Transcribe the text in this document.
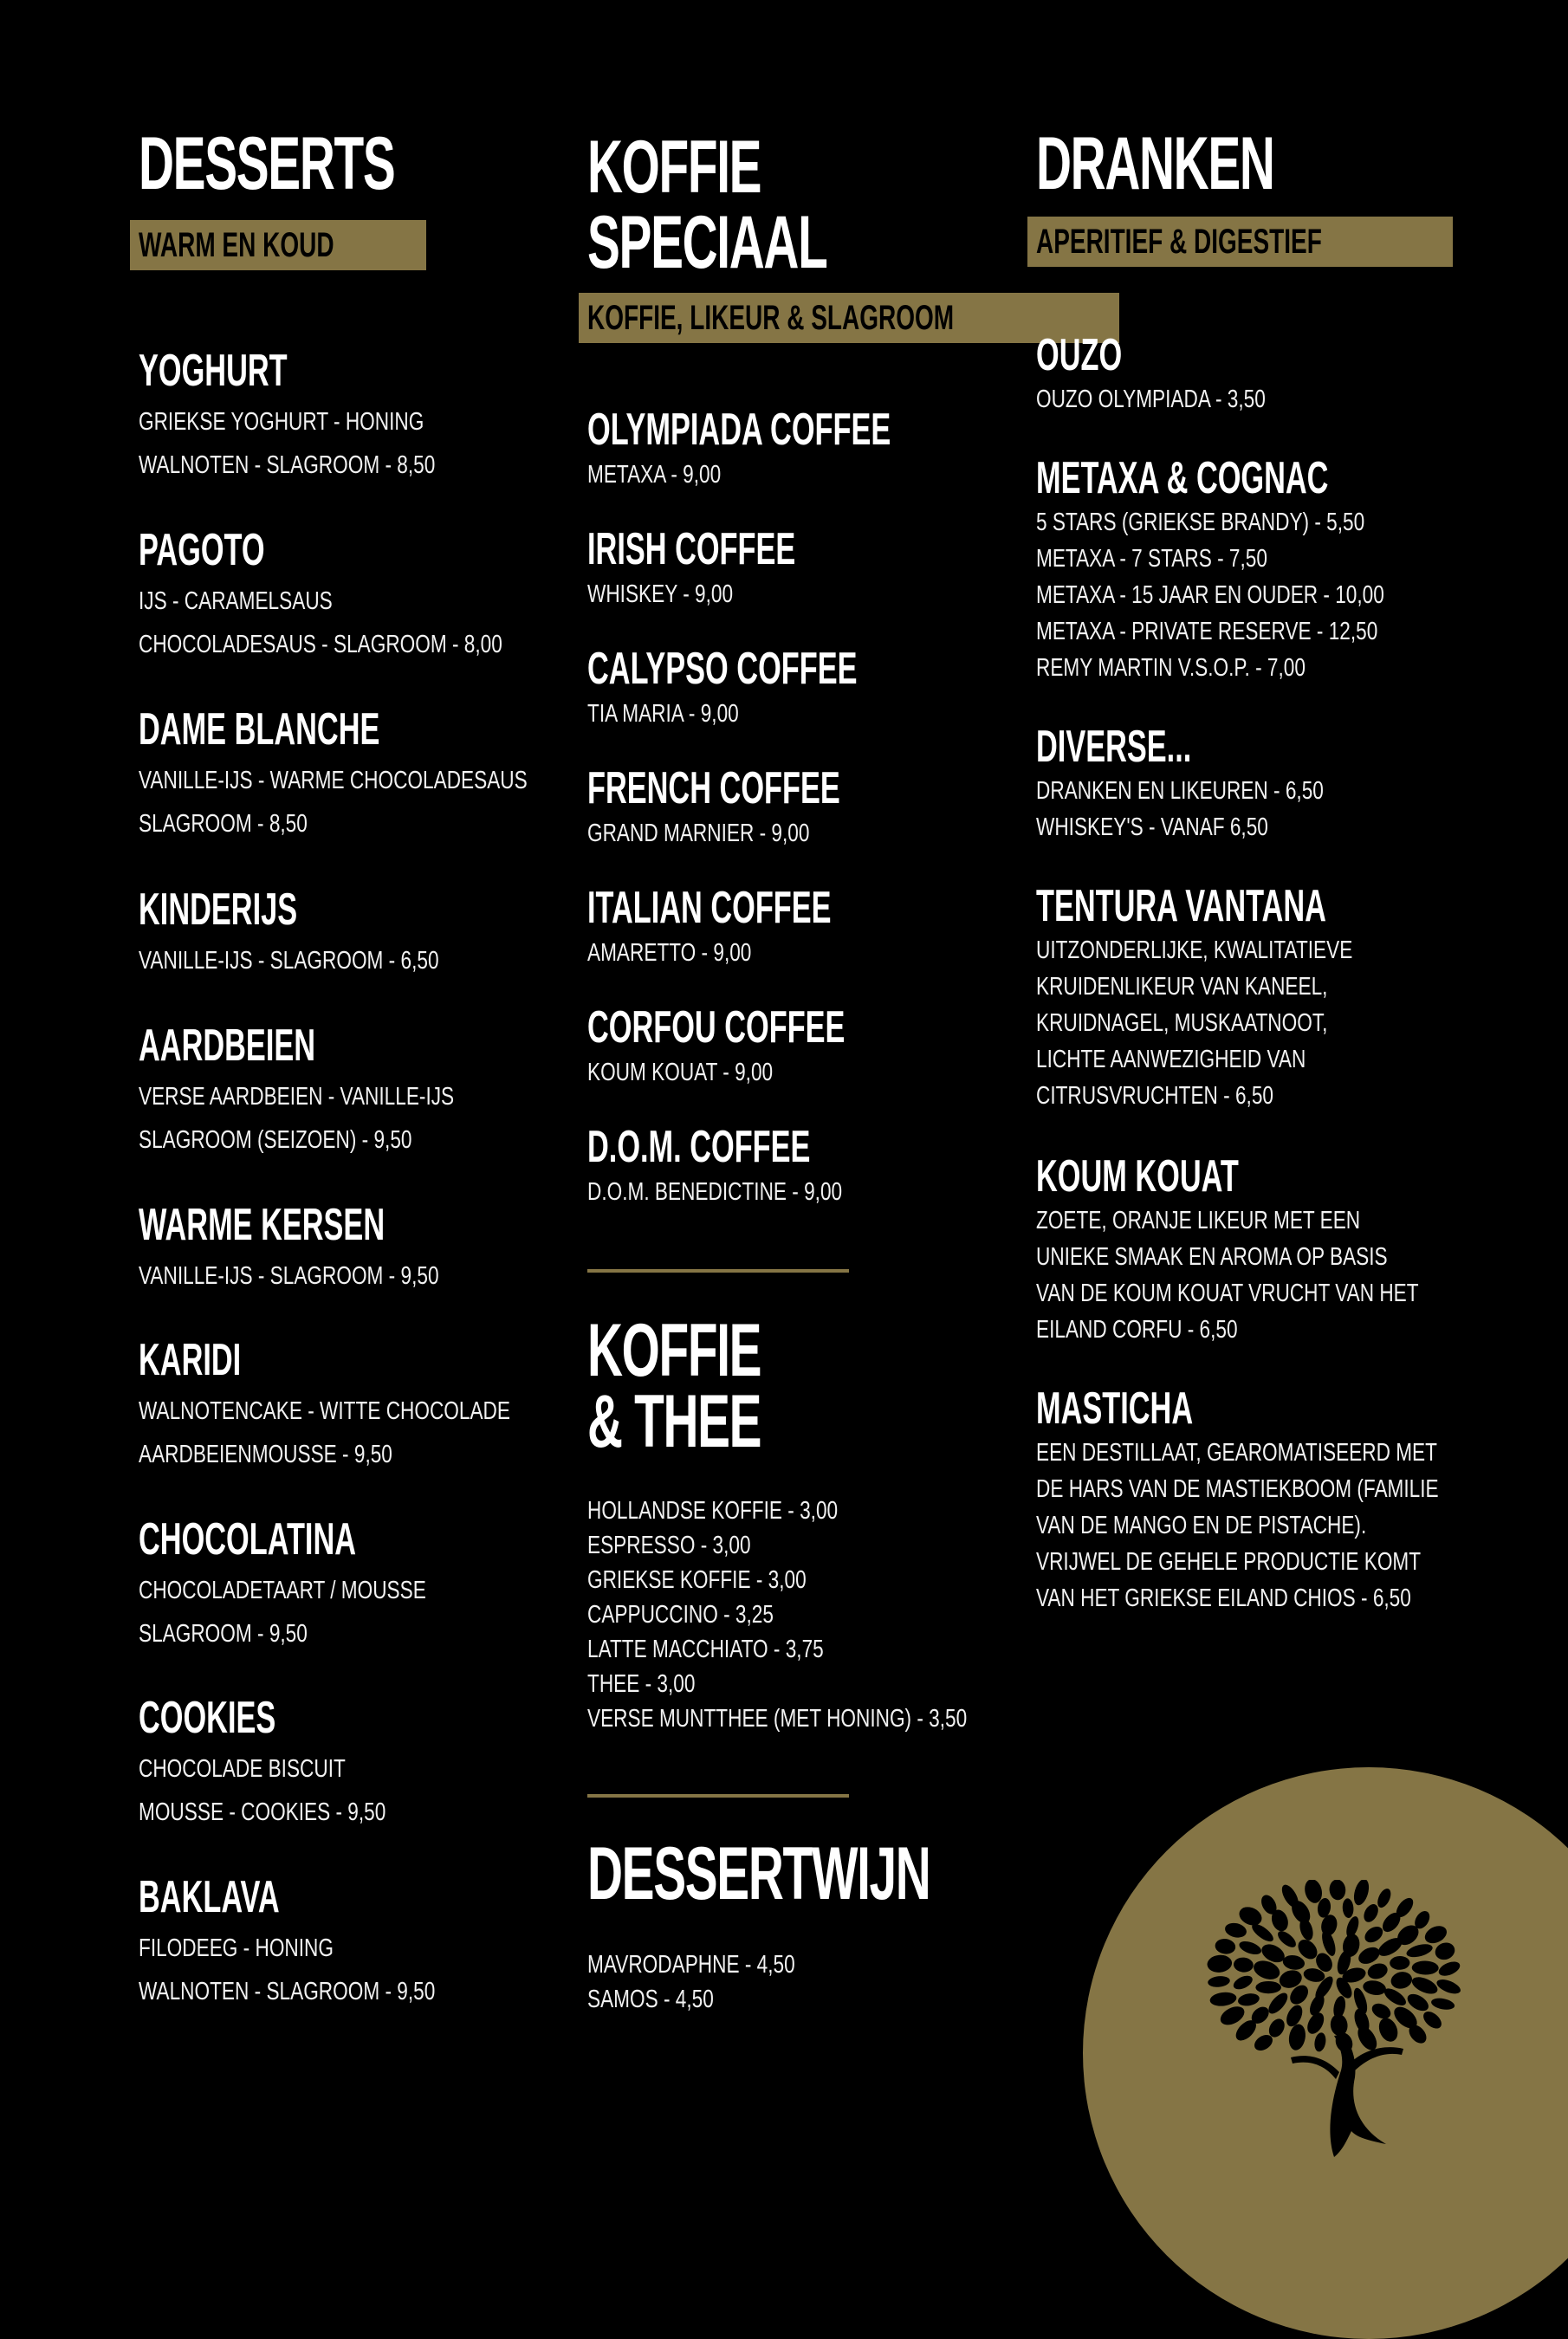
DESSERTS
WARM EN KOUD
YOGHURT
GRIEKSE YOGHURT - HONING
WALNOTEN - SLAGROOM - 8,50
PAGOTO
IJS - CARAMELSAUS
CHOCOLADESAUS - SLAGROOM - 8,00
DAME BLANCHE
VANILLE-IJS - WARME CHOCOLADESAUS
SLAGROOM - 8,50
KINDERIJS
VANILLE-IJS - SLAGROOM - 6,50
AARDBEIEN
VERSE AARDBEIEN - VANILLE-IJS
SLAGROOM (SEIZOEN) - 9,50
WARME KERSEN
VANILLE-IJS - SLAGROOM - 9,50
KARIDI
WALNOTENCAKE - WITTE CHOCOLADE
AARDBEIENMOUSSE - 9,50
CHOCOLATINA
CHOCOLADETAART / MOUSSE
SLAGROOM - 9,50
COOKIES
CHOCOLADE BISCUIT
MOUSSE - COOKIES - 9,50
BAKLAVA
FILODEEG - HONING
WALNOTEN - SLAGROOM - 9,50
KOFFIE
SPECIAAL
KOFFIE, LIKEUR & SLAGROOM
OLYMPIADA COFFEE
METAXA - 9,00
IRISH COFFEE
WHISKEY - 9,00
CALYPSO COFFEE
TIA MARIA - 9,00
FRENCH COFFEE
GRAND MARNIER - 9,00
ITALIAN COFFEE
AMARETTO - 9,00
CORFOU COFFEE
KOUM KOUAT - 9,00
D.O.M. COFFEE
D.O.M. BENEDICTINE - 9,00
KOFFIE
& THEE
HOLLANDSE KOFFIE - 3,00
ESPRESSO - 3,00
GRIEKSE KOFFIE - 3,00
CAPPUCCINO - 3,25
LATTE MACCHIATO - 3,75
THEE - 3,00
VERSE MUNTTHEE (MET HONING) - 3,50
DESSERTWIJN
MAVRODAPHNE - 4,50
SAMOS - 4,50
DRANKEN
APERITIEF & DIGESTIEF
OUZO
OUZO OLYMPIADA - 3,50
METAXA & COGNAC
5 STARS (GRIEKSE BRANDY) - 5,50
METAXA - 7 STARS - 7,50
METAXA - 15 JAAR EN OUDER - 10,00
METAXA - PRIVATE RESERVE - 12,50
REMY MARTIN V.S.O.P. - 7,00
DIVERSE...
DRANKEN EN LIKEUREN - 6,50
WHISKEY'S - VANAF 6,50
TENTURA VANTANA
UITZONDERLIJKE, KWALITATIEVE
KRUIDENLIKEUR VAN KANEEL,
KRUIDNAGEL, MUSKAATNOOT,
LICHTE AANWEZIGHEID VAN
CITRUSVRUCHTEN - 6,50
KOUM KOUAT
ZOETE, ORANJE LIKEUR MET EEN
UNIEKE SMAAK EN AROMA OP BASIS
VAN DE KOUM KOUAT VRUCHT VAN HET
EILAND CORFU - 6,50
MASTICHA
EEN DESTILLAAT, GEAROMATISEERD MET
DE HARS VAN DE MASTIEKBOOM (FAMILIE
VAN DE MANGO EN DE PISTACHE).
VRIJWEL DE GEHELE PRODUCTIE KOMT
VAN HET GRIEKSE EILAND CHIOS - 6,50
